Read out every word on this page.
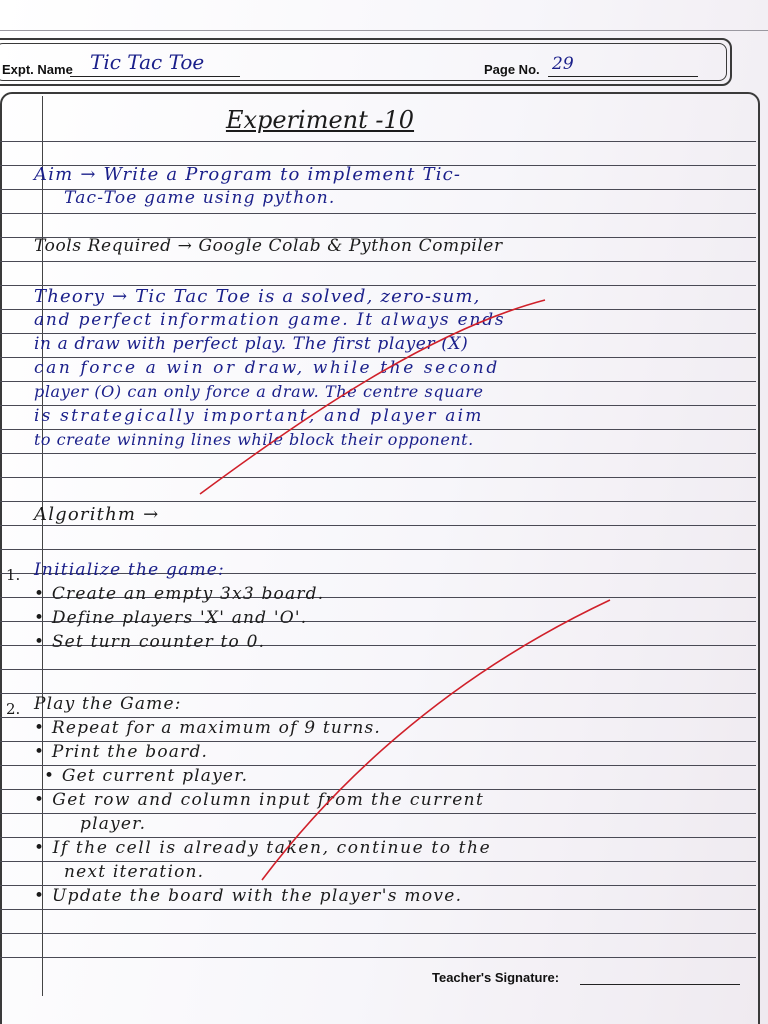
Expt. Name Tic Tac Toe	Page No. 29
Experiment -10
Aim → Write a Program to implement Tic-
Tac-Toe game using python.
Tools Required → Google Colab & Python Compiler
Theory → Tic Tac Toe is a solved, zero-sum,
and perfect information game. It always ends
in a draw with perfect play. The first player (X)
can force a win or draw, while the second
player (O) can only force a draw. The centre square
is strategically important, and player aim
to create winning lines while block their opponent.
Algorithm →
1. Initialize the game:
• Create an empty 3x3 board.
• Define players 'X' and 'O'.
• Set turn counter to 0.
2. Play the Game:
• Repeat for a maximum of 9 turns.
• Print the board.
• Get current player.
• Get row and column input from the current
player.
• If the cell is already taken, continue to the
next iteration.
• Update the board with the player's move.
Teacher's Signature:
